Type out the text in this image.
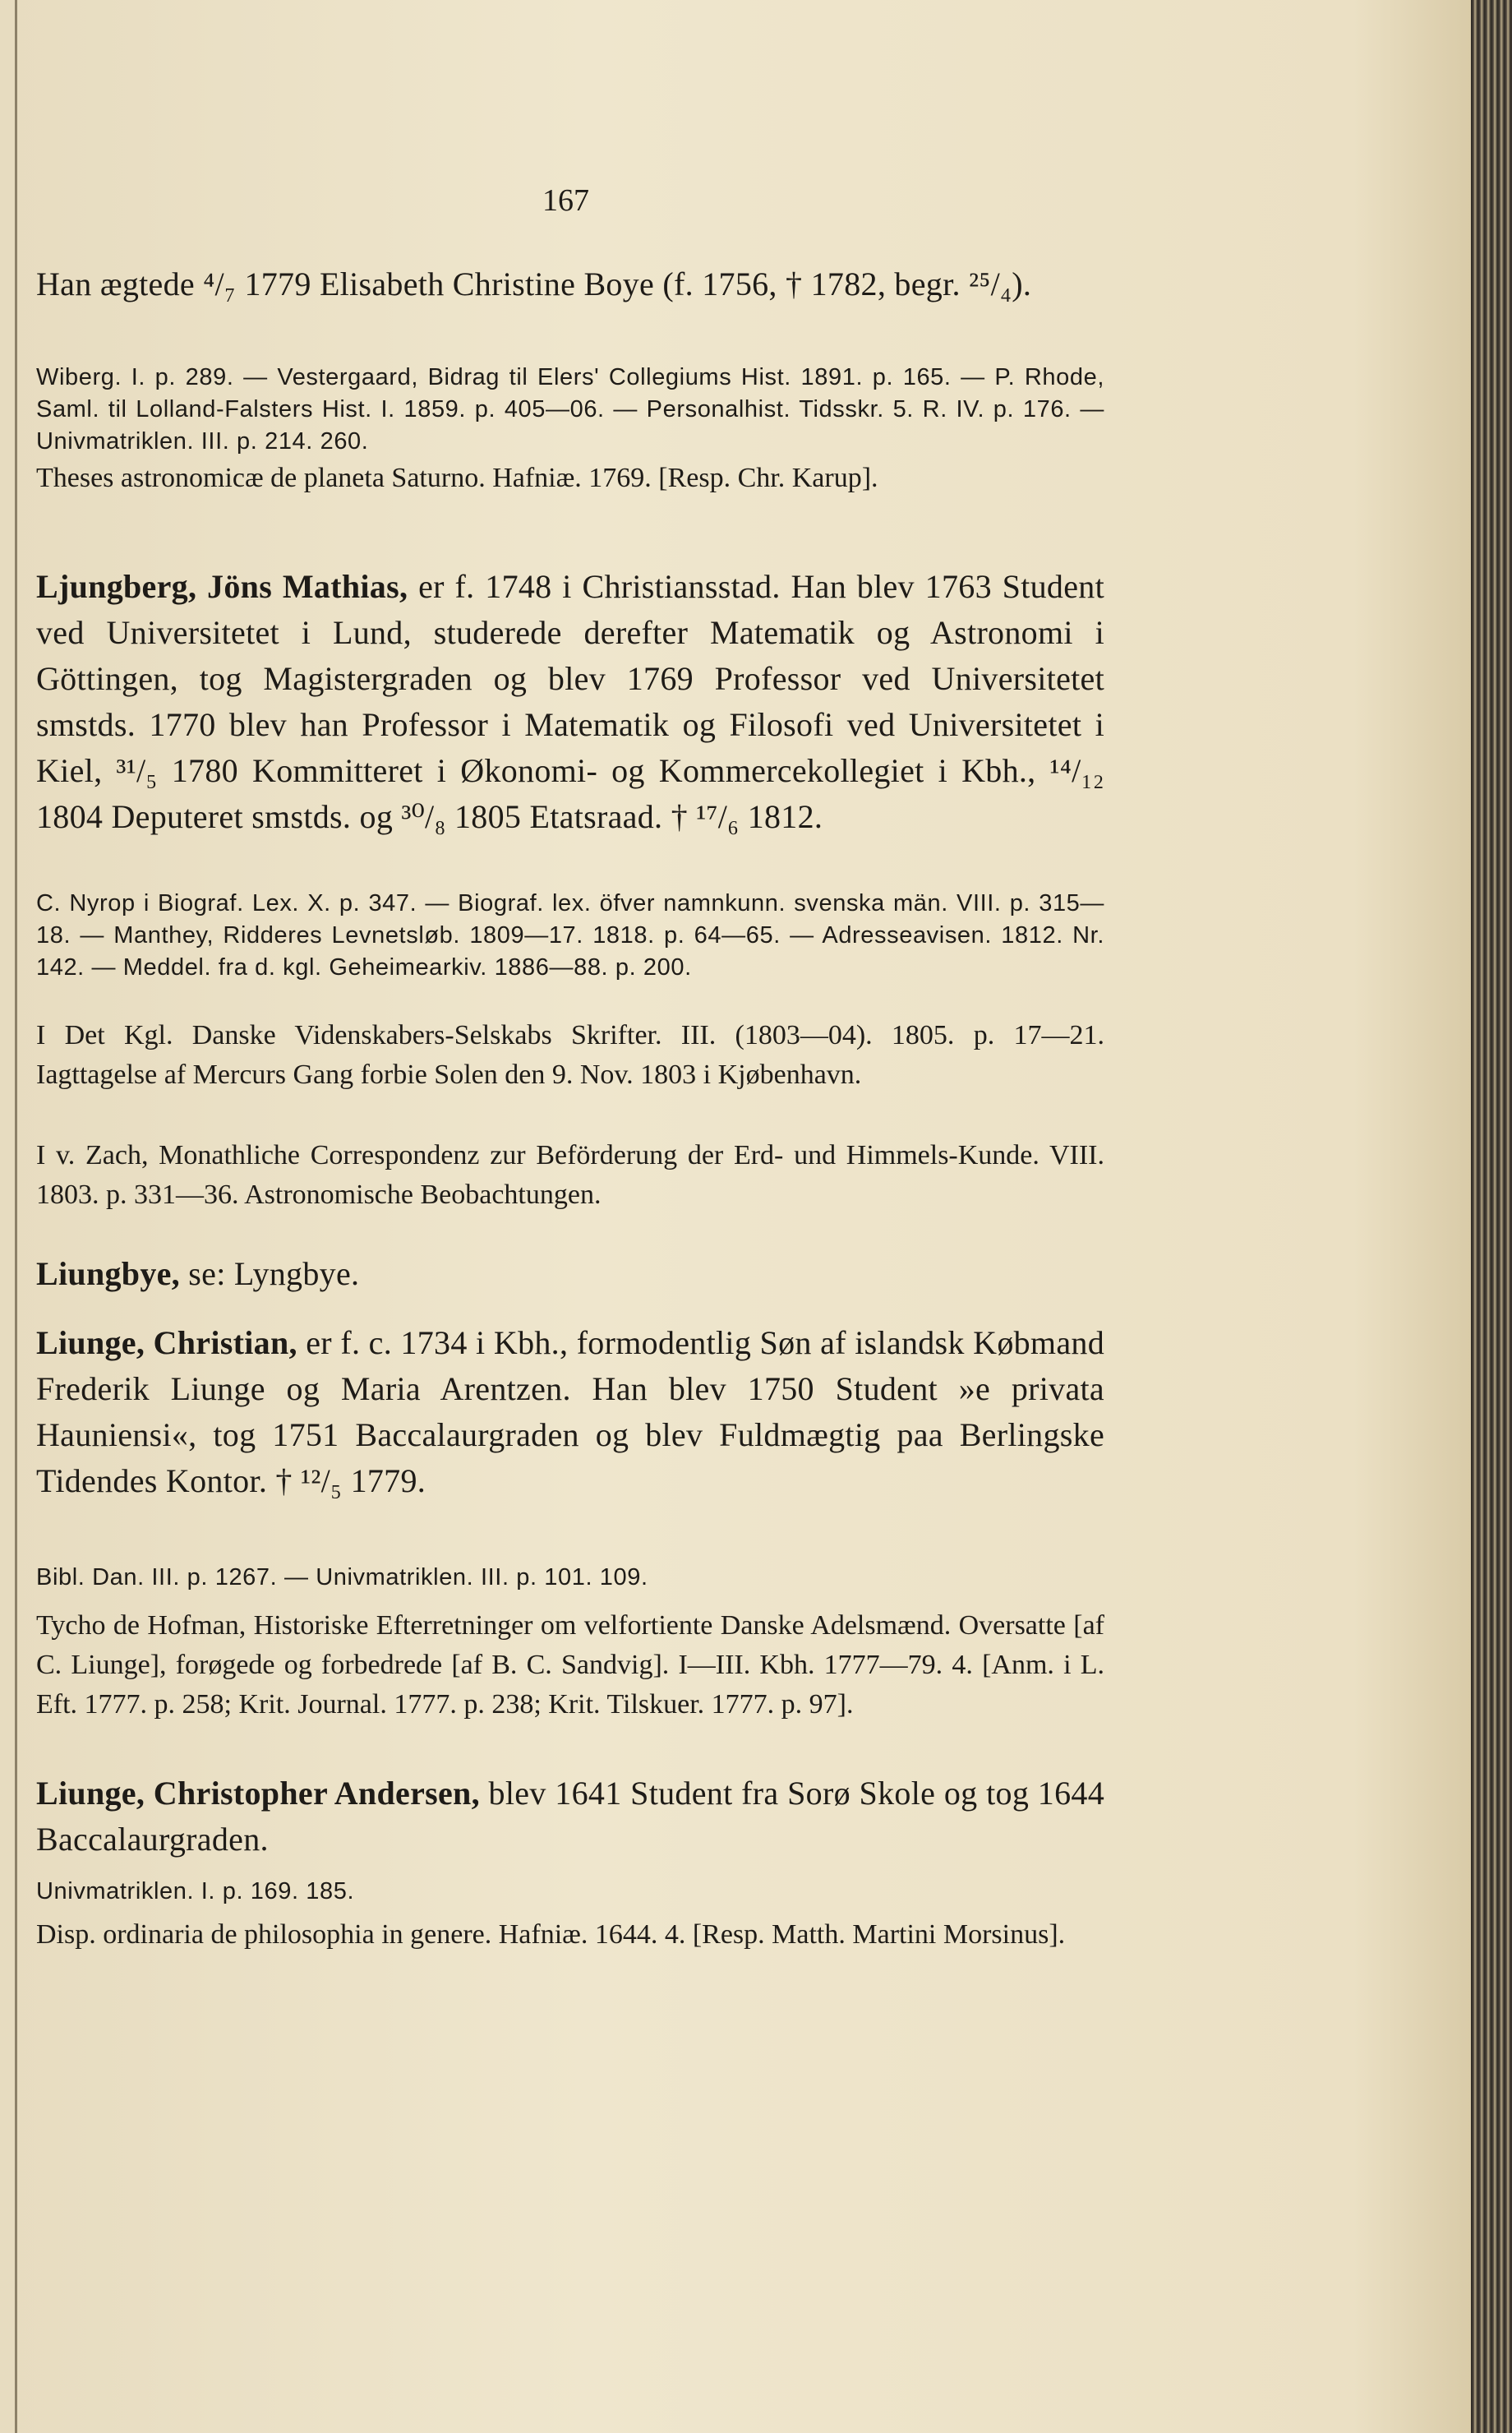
167

Han ægtede ⁴/₇ 1779 Elisabeth Christine Boye (f. 1756, † 1782, begr. ²⁵/₄).

Wiberg. I. p. 289. — Vestergaard, Bidrag til Elers' Collegiums Hist. 1891. p. 165. — P. Rhode, Saml. til Lolland-Falsters Hist. I. 1859. p. 405—06. — Personalhist. Tidsskr. 5. R. IV. p. 176. — Univmatriklen. III. p. 214. 260.

Theses astronomicæ de planeta Saturno. Hafniæ. 1769. [Resp. Chr. Karup].

Ljungberg, Jöns Mathias, er f. 1748 i Christiansstad. Han blev 1763 Student ved Universitetet i Lund, studerede derefter Matematik og Astronomi i Göttingen, tog Magistergraden og blev 1769 Professor ved Universitetet smstds. 1770 blev han Professor i Matematik og Filosofi ved Universitetet i Kiel, ³¹/₅ 1780 Kommitteret i Økonomi- og Kommercekollegiet i Kbh., ¹⁴/₁₂ 1804 Deputeret smstds. og ³⁰/₈ 1805 Etatsraad. † ¹⁷/₆ 1812.

C. Nyrop i Biograf. Lex. X. p. 347. — Biograf. lex. öfver namnkunn. svenska män. VIII. p. 315—18. — Manthey, Ridderes Levnetsløb. 1809—17. 1818. p. 64—65. — Adresseavisen. 1812. Nr. 142. — Meddel. fra d. kgl. Geheimearkiv. 1886—88. p. 200.

I Det Kgl. Danske Videnskabers-Selskabs Skrifter. III. (1803—04). 1805. p. 17—21. Iagttagelse af Mercurs Gang forbie Solen den 9. Nov. 1803 i Kjøbenhavn.

I v. Zach, Monathliche Correspondenz zur Beförderung der Erd- und Himmels-Kunde. VIII. 1803. p. 331—36. Astronomische Beobachtungen.

Liungbye, se: Lyngbye.

Liunge, Christian, er f. c. 1734 i Kbh., formodentlig Søn af islandsk Købmand Frederik Liunge og Maria Arentzen. Han blev 1750 Student »e privata Hauniensi«, tog 1751 Baccalaurgraden og blev Fuldmægtig paa Berlingske Tidendes Kontor. † ¹²/₅ 1779.

Bibl. Dan. III. p. 1267. — Univmatriklen. III. p. 101. 109.

Tycho de Hofman, Historiske Efterretninger om velfortiente Danske Adelsmænd. Oversatte [af C. Liunge], forøgede og forbedrede [af B. C. Sandvig]. I—III. Kbh. 1777—79. 4. [Anm. i L. Eft. 1777. p. 258; Krit. Journal. 1777. p. 238; Krit. Tilskuer. 1777. p. 97].

Liunge, Christopher Andersen, blev 1641 Student fra Sorø Skole og tog 1644 Baccalaurgraden.

Univmatriklen. I. p. 169. 185.

Disp. ordinaria de philosophia in genere. Hafniæ. 1644. 4. [Resp. Matth. Martini Morsinus].
